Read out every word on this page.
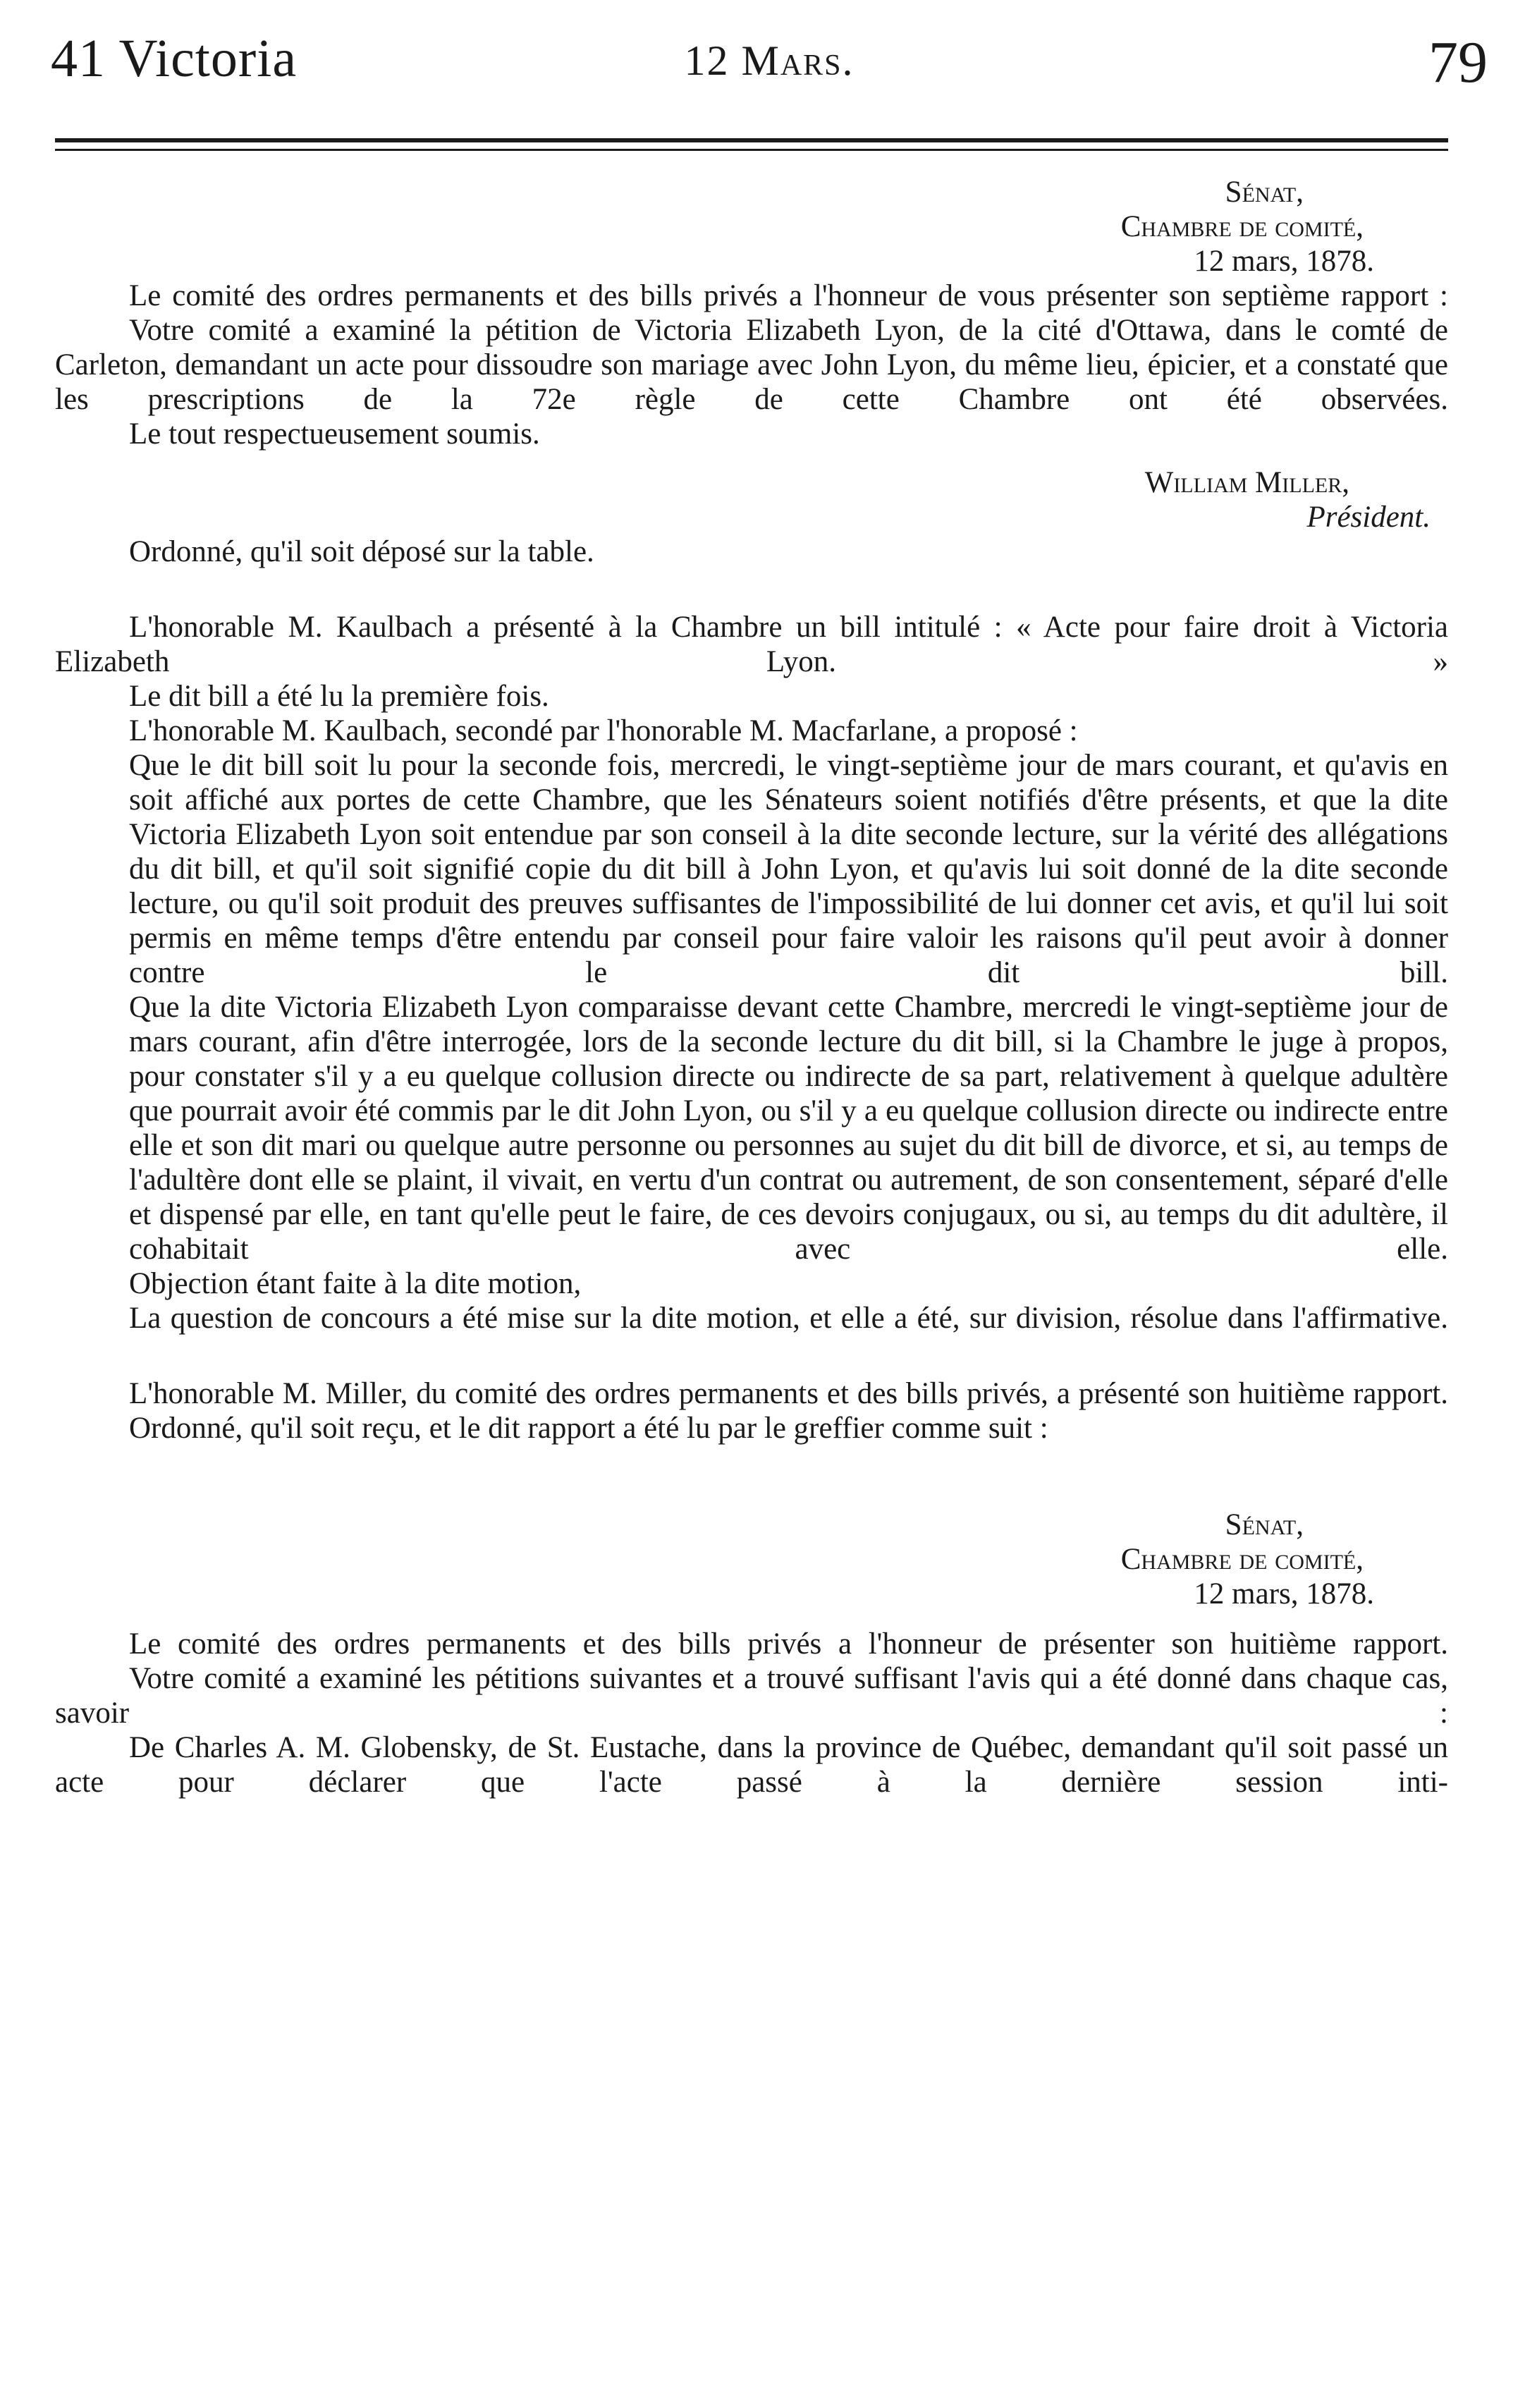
41 Victoria	12 Mars.	79
Sénat,
Chambre de comité,
12 mars, 1878.

Le comité des ordres permanents et des bills privés a l'honneur de vous présenter son septième rapport :

Votre comité a examiné la pétition de Victoria Elizabeth Lyon, de la cité d'Ottawa, dans le comté de Carleton, demandant un acte pour dissoudre son mariage avec John Lyon, du même lieu, épicier, et a constaté que les prescriptions de la 72e règle de cette Chambre ont été observées.

Le tout respectueusement soumis.

William Miller,
Président.

Ordonné, qu'il soit déposé sur la table.

L'honorable M. Kaulbach a présenté à la Chambre un bill intitulé : « Acte pour faire droit à Victoria Elizabeth Lyon. »

Le dit bill a été lu la première fois.

L'honorable M. Kaulbach, secondé par l'honorable M. Macfarlane, a proposé :

Que le dit bill soit lu pour la seconde fois, mercredi, le vingt-septième jour de mars courant, et qu'avis en soit affiché aux portes de cette Chambre, que les Sénateurs soient notifiés d'être présents, et que la dite Victoria Elizabeth Lyon soit entendue par son conseil à la dite seconde lecture, sur la vérité des allégations du dit bill, et qu'il soit signifié copie du dit bill à John Lyon, et qu'avis lui soit donné de la dite seconde lecture, ou qu'il soit produit des preuves suffisantes de l'impossibilité de lui donner cet avis, et qu'il lui soit permis en même temps d'être entendu par conseil pour faire valoir les raisons qu'il peut avoir à donner contre le dit bill.

Que la dite Victoria Elizabeth Lyon comparaisse devant cette Chambre, mercredi le vingt-septième jour de mars courant, afin d'être interrogée, lors de la seconde lecture du dit bill, si la Chambre le juge à propos, pour constater s'il y a eu quelque collusion directe ou indirecte de sa part, relativement à quelque adultère que pourrait avoir été commis par le dit John Lyon, ou s'il y a eu quelque collusion directe ou indirecte entre elle et son dit mari ou quelque autre personne ou personnes au sujet du dit bill de divorce, et si, au temps de l'adultère dont elle se plaint, il vivait, en vertu d'un contrat ou autrement, de son consentement, séparé d'elle et dispensé par elle, en tant qu'elle peut le faire, de ces devoirs conjugaux, ou si, au temps du dit adultère, il cohabitait avec elle.

Objection étant faite à la dite motion,

La question de concours a été mise sur la dite motion, et elle a été, sur division, résolue dans l'affirmative.

L'honorable M. Miller, du comité des ordres permanents et des bills privés, a présenté son huitième rapport.

Ordonné, qu'il soit reçu, et le dit rapport a été lu par le greffier comme suit :

Sénat,
Chambre de comité,
12 mars, 1878.

Le comité des ordres permanents et des bills privés a l'honneur de présenter son huitième rapport.

Votre comité a examiné les pétitions suivantes et a trouvé suffisant l'avis qui a été donné dans chaque cas, savoir :

De Charles A. M. Globensky, de St. Eustache, dans la province de Québec, demandant qu'il soit passé un acte pour déclarer que l'acte passé à la dernière session inti-
